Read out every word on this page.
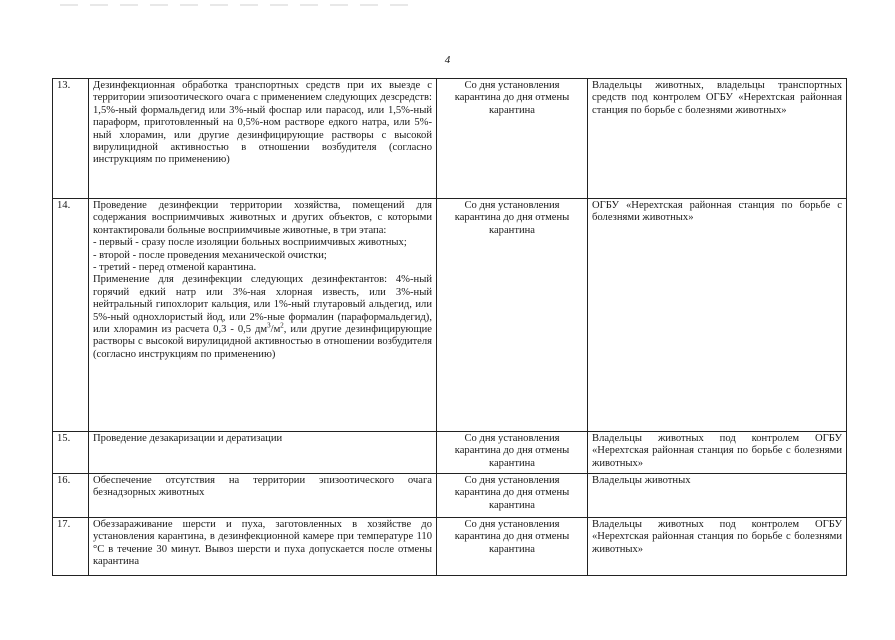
4
13.	Дезинфекционная обработка транспортных средств при их выезде с территории эпизоотического очага с применением следующих дезсредств: 1,5%-ный формальдегид или 3%-ный фоспар или парасод, или 1,5%-ный параформ, приготовленный на 0,5%-ном растворе едкого натра, или 5%-ный хлорамин, или другие дезинфицирующие растворы с высокой вирулицидной активностью в отношении возбудителя (согласно инструкциям по применению)	Со дня установления карантина до дня отмены карантина	Владельцы животных, владельцы транспортных средств под контролем ОГБУ «Нерехтская районная станция по борьбе с болезнями животных»
14.	Проведение дезинфекции территории хозяйства, помещений для содержания восприимчивых животных и других объектов, с которыми контактировали больные восприимчивые животные, в три этапа:
- первый - сразу после изоляции больных восприимчивых животных;
- второй - после проведения механической очистки;
- третий - перед отменой карантина.
Применение для дезинфекции следующих дезинфектантов: 4%-ный горячий едкий натр или 3%-ная хлорная известь, или 3%-ный нейтральный гипохлорит кальция, или 1%-ный глутаровый альдегид, или 5%-ный однохлористый йод, или 2%-ные формалин (параформальдегид), или хлорамин из расчета 0,3 - 0,5 $дм^3/м^2$, или другие дезинфицирующие растворы с высокой вирулицидной активностью в отношении возбудителя (согласно инструкциям по применению)	Со дня установления карантина до дня отмены карантина	ОГБУ «Нерехтская районная станция по борьбе с болезнями животных»
15.	Проведение дезакаризации и дератизации	Со дня установления карантина до дня отмены карантина	Владельцы животных под контролем ОГБУ «Нерехтская районная станция по борьбе с болезнями животных»
16.	Обеспечение отсутствия на территории эпизоотического очага безнадзорных животных	Со дня установления карантина до дня отмены карантина	Владельцы животных
17.	Обеззараживание шерсти и пуха, заготовленных в хозяйстве до установления карантина, в дезинфекционной камере при температуре 110 °С в течение 30 минут. Вывоз шерсти и пуха допускается после отмены карантина	Со дня установления карантина до дня отмены карантина	Владельцы животных под контролем ОГБУ «Нерехтская районная станция по борьбе с болезнями животных»
